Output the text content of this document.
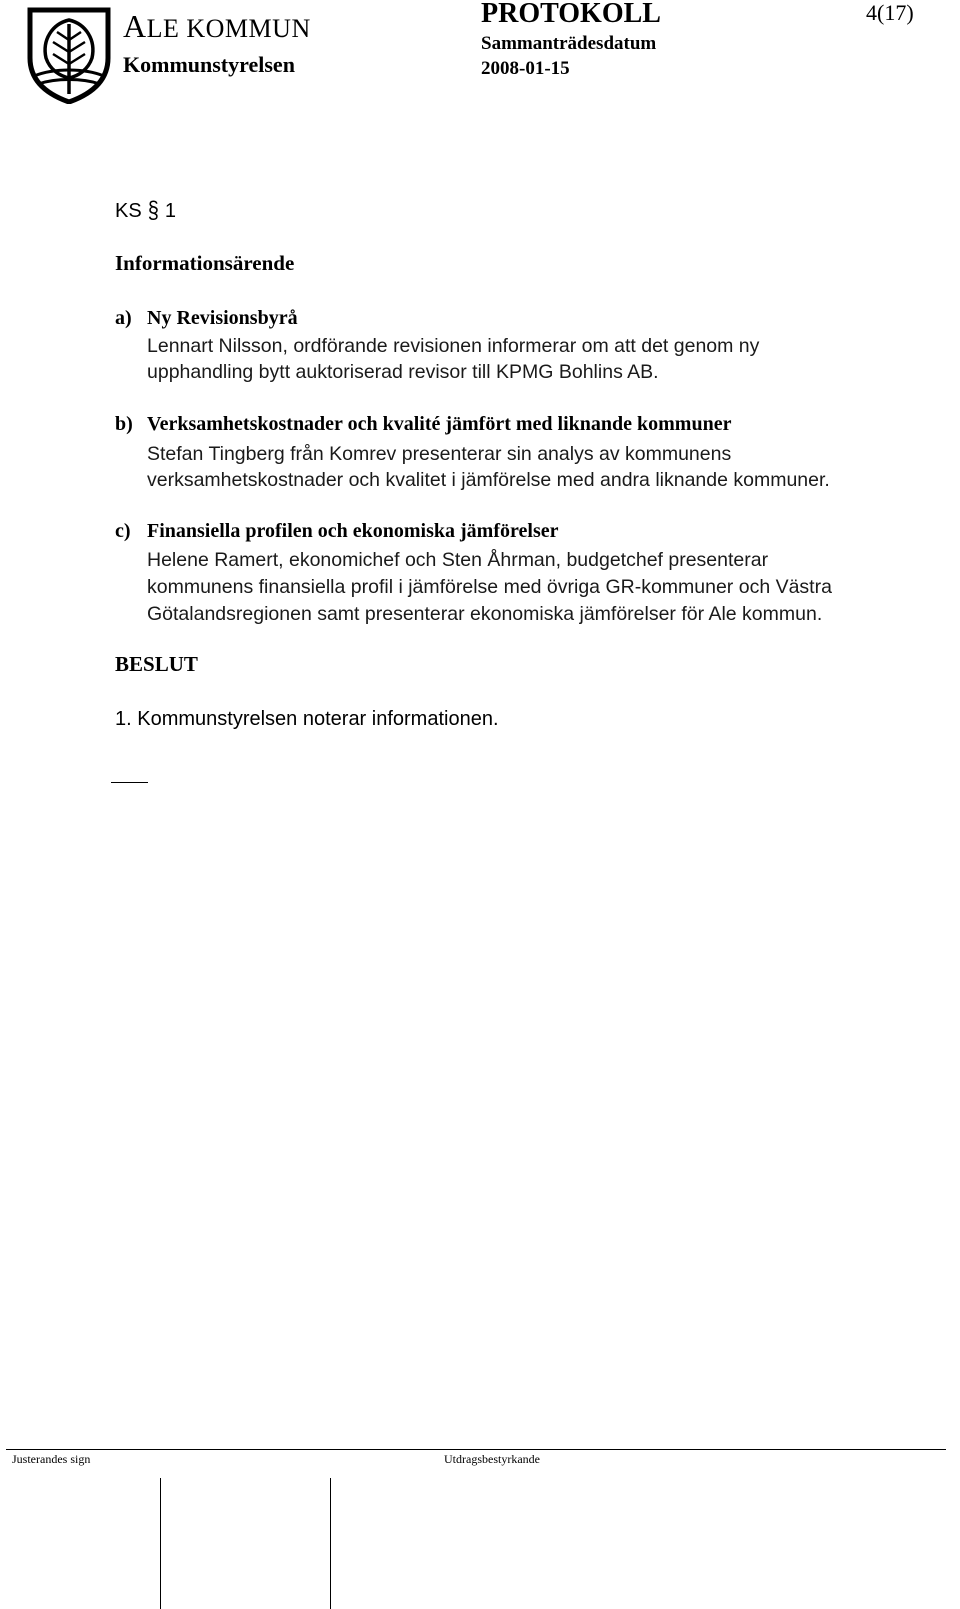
ALE KOMMUN
Kommunstyrelsen
PROTOKOLL
Sammanträdesdatum
2008-01-15
4(17)
KS § 1
Informationsärende
a) Ny Revisionsbyrå
Lennart Nilsson, ordförande revisionen informerar om att det genom ny
upphandling bytt auktoriserad revisor till KPMG Bohlins AB.
b) Verksamhetskostnader och kvalité jämfört med liknande kommuner
Stefan Tingberg från Komrev presenterar sin analys av kommunens
verksamhetskostnader och kvalitet i jämförelse med andra liknande kommuner.
c) Finansiella profilen och ekonomiska jämförelser
Helene Ramert, ekonomichef och Sten Åhrman, budgetchef presenterar
kommunens finansiella profil i jämförelse med övriga GR-kommuner och Västra
Götalandsregionen samt presenterar ekonomiska jämförelser för Ale kommun.
BESLUT
1. Kommunstyrelsen noterar informationen.
Justerandes sign	Utdragsbestyrkande
